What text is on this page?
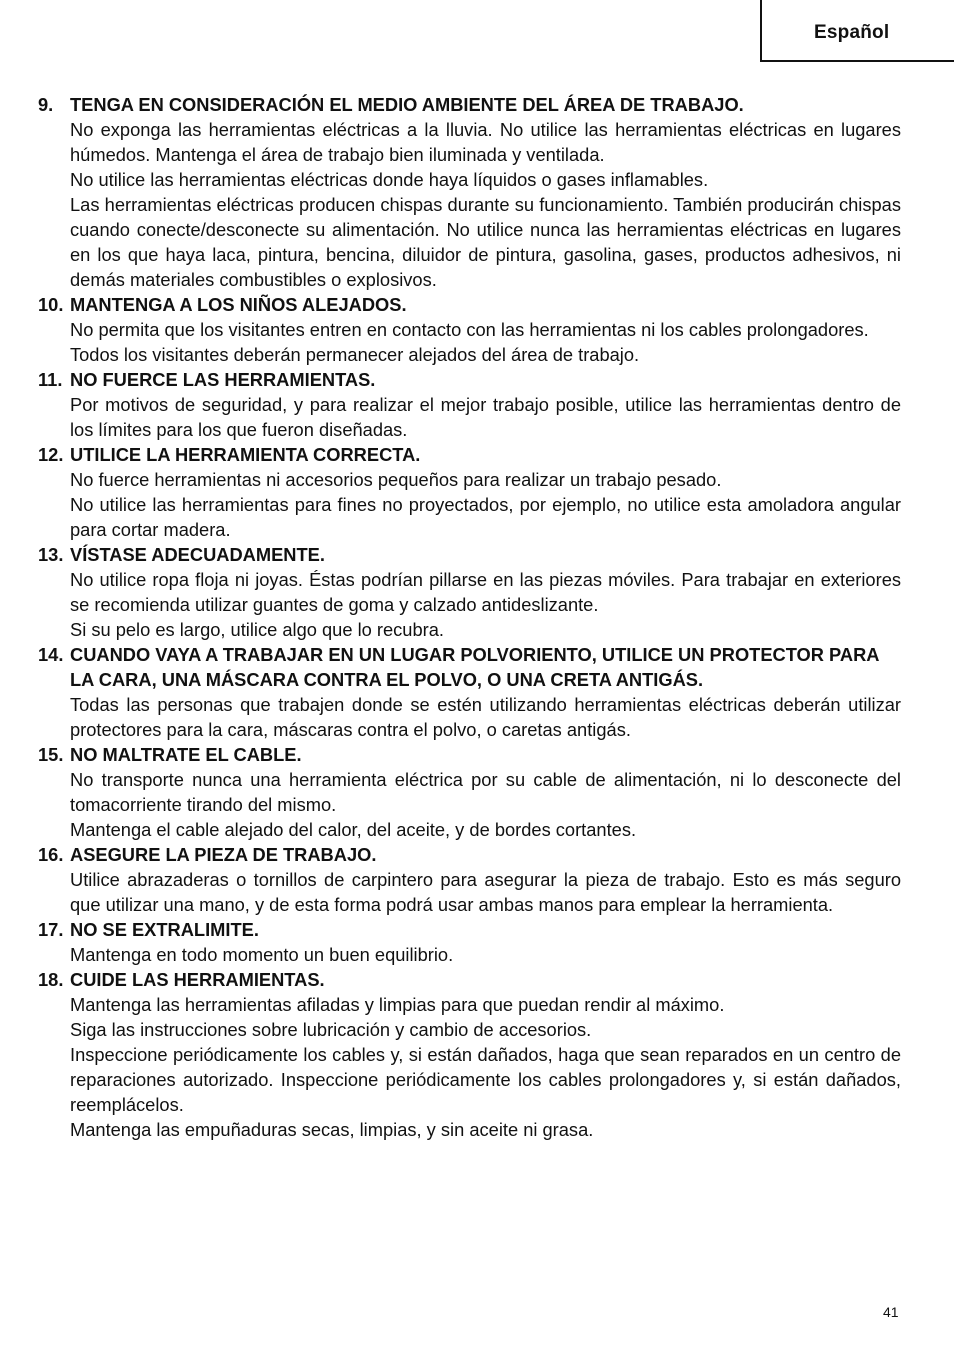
Español
9. TENGA EN CONSIDERACIÓN EL MEDIO AMBIENTE DEL ÁREA DE TRABAJO.
No exponga las herramientas eléctricas a la lluvia. No utilice las herramientas eléctricas en lugares húmedos. Mantenga el área de trabajo bien iluminada y ventilada.
No utilice las herramientas eléctricas donde haya líquidos o gases inflamables.
Las herramientas eléctricas producen chispas durante su funcionamiento. También producirán chispas cuando conecte/desconecte su alimentación. No utilice nunca las herramientas eléctricas en lugares en los que haya laca, pintura, bencina, diluidor de pintura, gasolina, gases, productos adhesivos, ni demás materiales combustibles o explosivos.
10. MANTENGA A LOS NIÑOS ALEJADOS.
No permita que los visitantes entren en contacto con las herramientas ni los cables prolongadores.
Todos los visitantes deberán permanecer alejados del área de trabajo.
11. NO FUERCE LAS HERRAMIENTAS.
Por motivos de seguridad, y para realizar el mejor trabajo posible, utilice las herramientas dentro de los límites para los que fueron diseñadas.
12. UTILICE LA HERRAMIENTA CORRECTA.
No fuerce herramientas ni accesorios pequeños para realizar un trabajo pesado.
No utilice las herramientas para fines no proyectados, por ejemplo, no utilice esta amoladora angular para cortar madera.
13. VÍSTASE ADECUADAMENTE.
No utilice ropa floja ni joyas. Éstas podrían pillarse en las piezas móviles. Para trabajar en exteriores se recomienda utilizar guantes de goma y calzado antideslizante.
Si su pelo es largo, utilice algo que lo recubra.
14. CUANDO VAYA A TRABAJAR EN UN LUGAR POLVORIENTO, UTILICE UN PROTECTOR PARA LA CARA, UNA MÁSCARA CONTRA EL POLVO, O UNA CRETA ANTIGÁS.
Todas las personas que trabajen donde se estén utilizando herramientas eléctricas deberán utilizar protectores para la cara, máscaras contra el polvo, o caretas antigás.
15. NO MALTRATE EL CABLE.
No transporte nunca una herramienta eléctrica por su cable de alimentación, ni lo desconecte del tomacorriente tirando del mismo.
Mantenga el cable alejado del calor, del aceite, y de bordes cortantes.
16. ASEGURE LA PIEZA DE TRABAJO.
Utilice abrazaderas o tornillos de carpintero para asegurar la pieza de trabajo. Esto es más seguro que utilizar una mano, y de esta forma podrá usar ambas manos para emplear la herramienta.
17. NO SE EXTRALIMITE.
Mantenga en todo momento un buen equilibrio.
18. CUIDE LAS HERRAMIENTAS.
Mantenga las herramientas afiladas y limpias para que puedan rendir al máximo.
Siga las instrucciones sobre lubricación y cambio de accesorios.
Inspeccione periódicamente los cables y, si están dañados, haga que sean reparados en un centro de reparaciones autorizado. Inspeccione periódicamente los cables prolongadores y, si están dañados, reemplácelos.
Mantenga las empuñaduras secas, limpias, y sin aceite ni grasa.
41
